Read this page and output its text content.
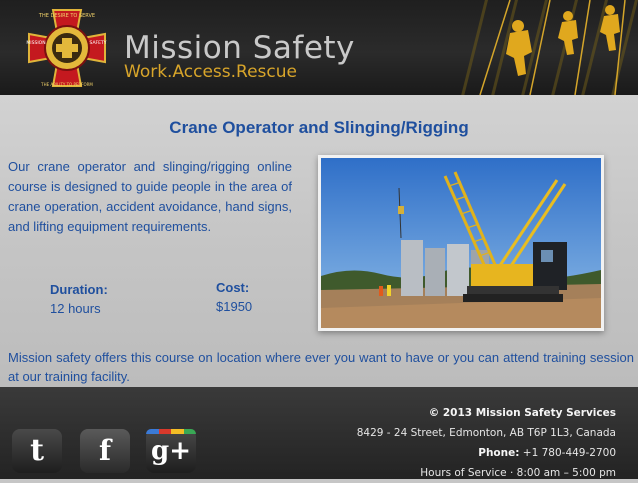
THE DESIRE TO SERVE
MISSION	SAFETY
THE ABILITY TO PERFORM
Mission Safety
Work.Access.Rescue
Crane Operator and Slinging/Rigging
Our crane operator and slinging/rigging online course is designed to guide people in the area of crane operation, accident avoidance, hand signs, and lifting equipment requirements.
Duration:
12 hours
Cost:
$1950
Mission safety offers this course on location where ever you want to have or you can attend training session at our training facility.
t	f	g+
© 2013 Mission Safety Services
8429 - 24 Street, Edmonton, AB T6P 1L3, Canada
Phone: +1 780-449-2700
Hours of Service · 8:00 am – 5:00 pm
